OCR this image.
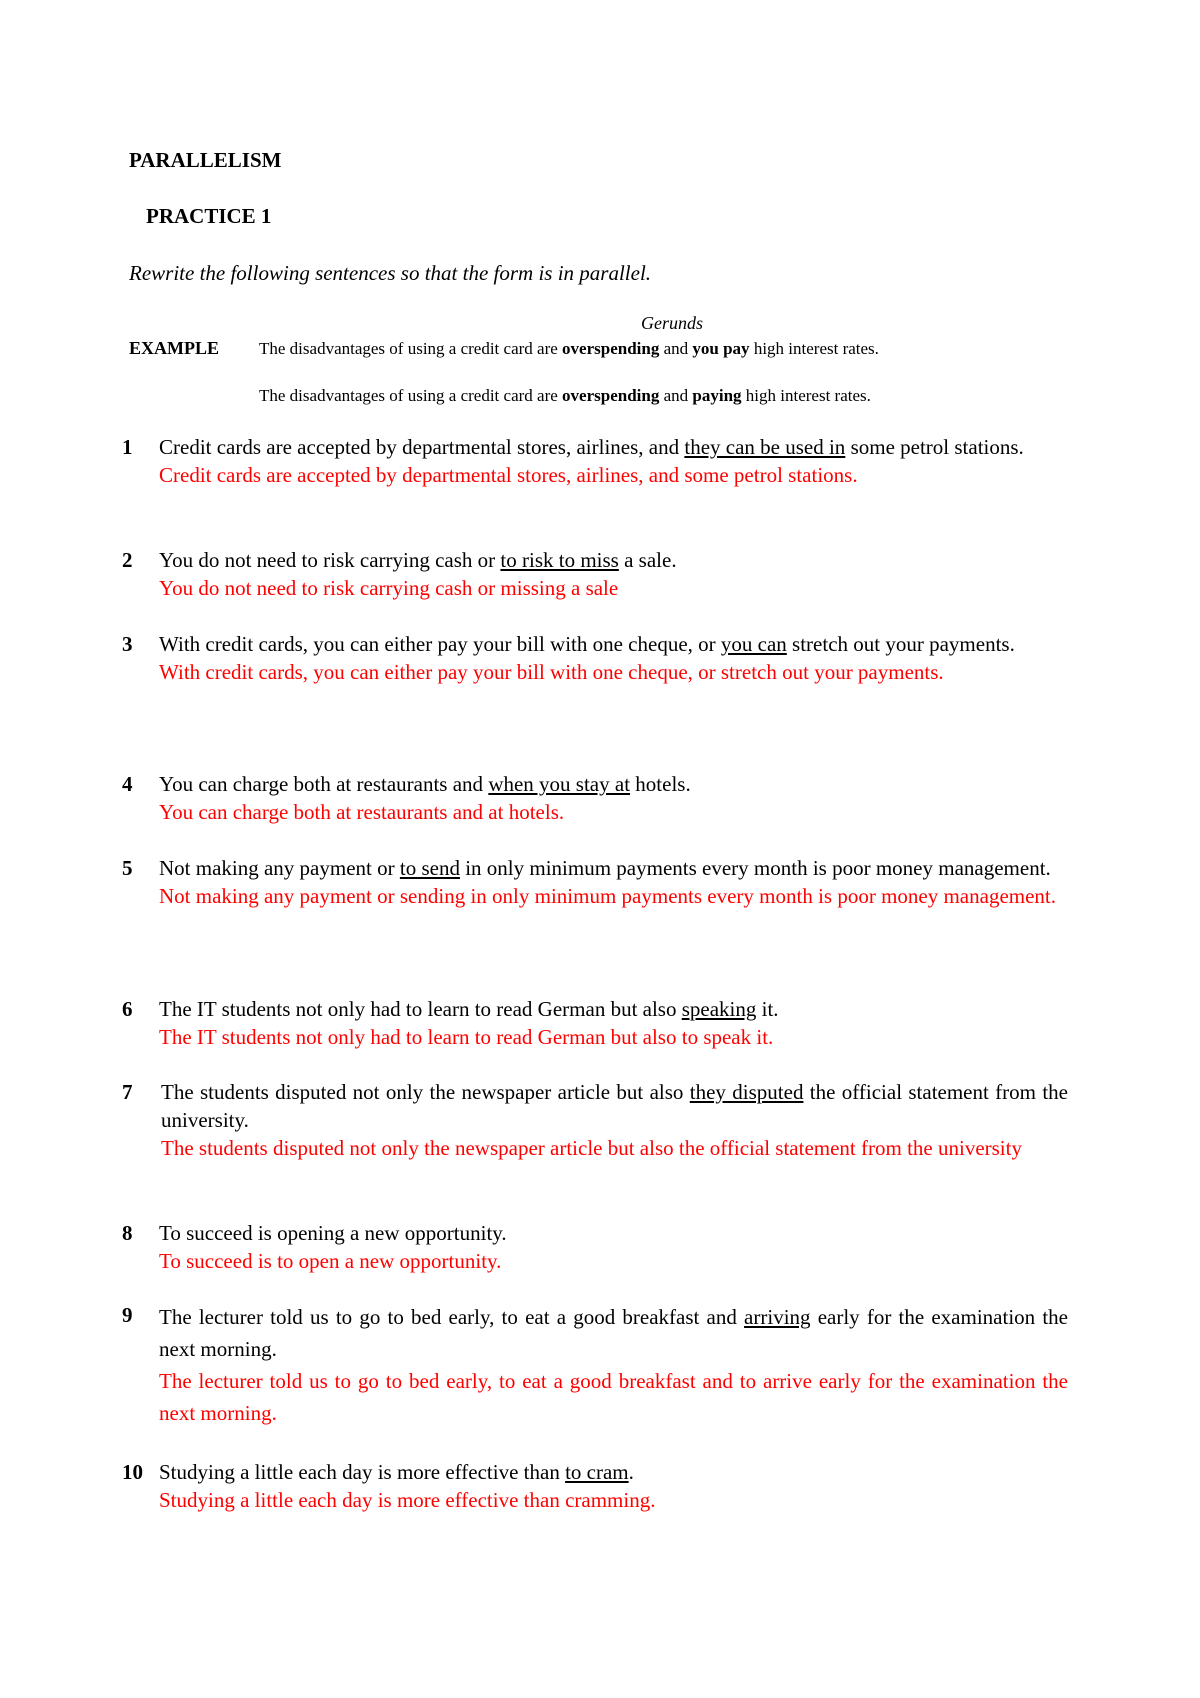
PARALLELISM
PRACTICE 1
Rewrite the following sentences so that the form is in parallel.
Gerunds
EXAMPLE	The disadvantages of using a credit card are overspending and you pay high interest rates.
The disadvantages of using a credit card are overspending and paying high interest rates.
1 Credit cards are accepted by departmental stores, airlines, and they can be used in some petrol stations.
Credit cards are accepted by departmental stores, airlines, and some petrol stations.
2 You do not need to risk carrying cash or to risk to miss a sale.
You do not need to risk carrying cash or missing a sale
3 With credit cards, you can either pay your bill with one cheque, or you can stretch out your payments.
With credit cards, you can either pay your bill with one cheque, or stretch out your payments.
4 You can charge both at restaurants and when you stay at hotels.
You can charge both at restaurants and at hotels.
5 Not making any payment or to send in only minimum payments every month is poor money management.
Not making any payment or sending in only minimum payments every month is poor money management.
6 The IT students not only had to learn to read German but also speaking it.
The IT students not only had to learn to read German but also to speak it.
7 The students disputed not only the newspaper article but also they disputed the official statement from the university.
The students disputed not only the newspaper article but also the official statement from the university
8 To succeed is opening a new opportunity.
To succeed is to open a new opportunity.
9 The lecturer told us to go to bed early, to eat a good breakfast and arriving early for the examination the next morning.
The lecturer told us to go to bed early, to eat a good breakfast and to arrive early for the examination the next morning.
10 Studying a little each day is more effective than to cram.
Studying a little each day is more effective than cramming.
